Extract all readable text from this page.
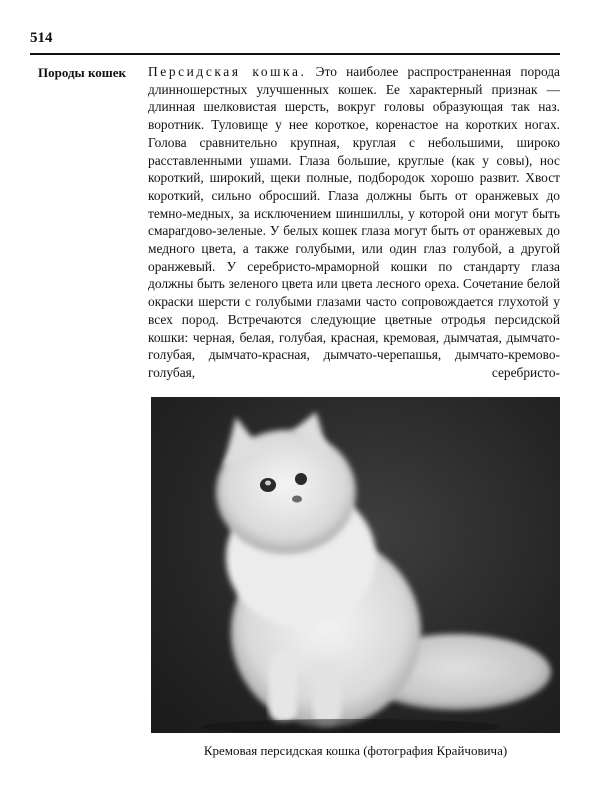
514
Породы кошек Персидская кошка. Это наиболее распространенная порода длинношерстных улучшенных кошек. Ее характерный признак — длинная шелковистая шерсть, вокруг головы образующая так наз. воротник. Туловище у нее короткое, коренастое на коротких ногах. Голова сравнительно крупная, круглая с небольшими, широко расставленными ушами. Глаза большие, круглые (как у совы), нос короткий, широкий, щеки полные, подбородок хорошо развит. Хвост короткий, сильно обросший. Глаза должны быть от оранжевых до темно-медных, за исключением шиншиллы, у которой они могут быть смарагдово-зеленые. У белых кошек глаза могут быть от оранжевых до медного цвета, а также голубыми, или один глаз голубой, а другой оранжевый. У серебристо-мраморной кошки по стандарту глаза должны быть зеленого цвета или цвета лесного ореха. Сочетание белой окраски шерсти с голубыми глазами часто сопровождается глухотой у всех пород. Встречаются следующие цветные отродья персидской кошки: черная, белая, голубая, красная, кремовая, дымчатая, дымчато-голубая, дымчато-красная, дымчато-черепашья, дымчато-кремово-голубая, серебристо-
Кремовая персидская кошка (фотография Крайчовича)
